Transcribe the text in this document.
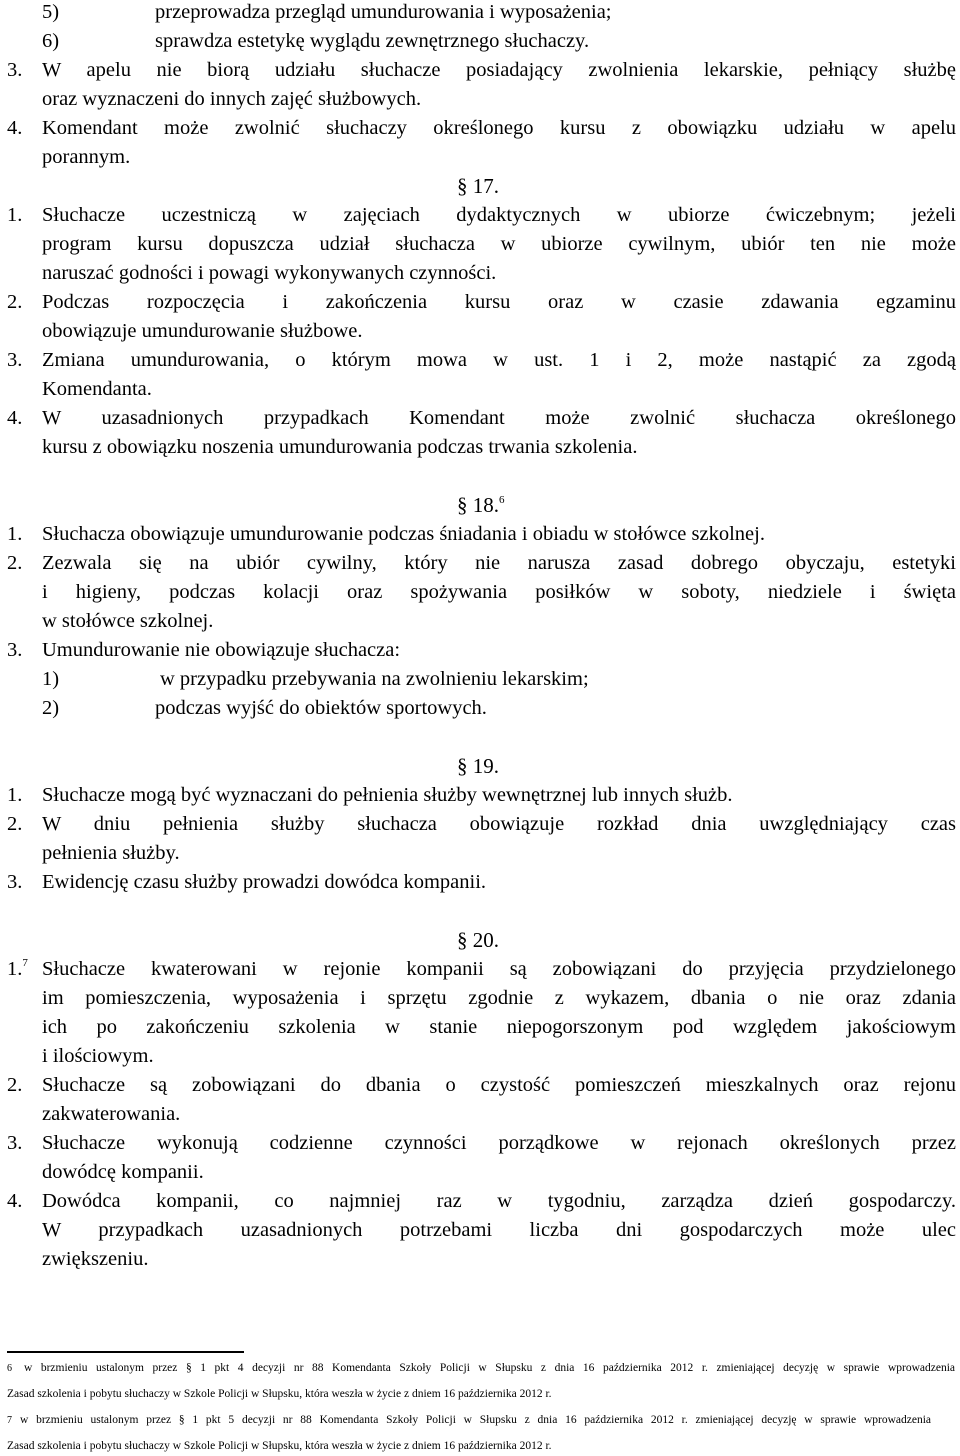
5)	przeprowadza przegląd umundurowania i wyposażenia;
6)	sprawdza estetykę wyglądu zewnętrznego słuchaczy.
3. W apelu nie biorą udziału słuchacze posiadający zwolnienia lekarskie, pełniący służbę
oraz wyznaczeni do innych zajęć służbowych.
4. Komendant może zwolnić słuchaczy określonego kursu z obowiązku udziału w apelu
porannym.
§ 17.
1. Słuchacze uczestniczą w zajęciach dydaktycznych w ubiorze ćwiczebnym; jeżeli
program kursu dopuszcza udział słuchacza w ubiorze cywilnym, ubiór ten nie może
naruszać godności i powagi wykonywanych czynności.
2. Podczas rozpoczęcia i zakończenia kursu oraz w czasie zdawania egzaminu
obowiązuje umundurowanie służbowe.
3. Zmiana umundurowania, o którym mowa w ust. 1 i 2, może nastąpić za zgodą
Komendanta.
4. W uzasadnionych przypadkach Komendant może zwolnić słuchacza określonego
kursu z obowiązku noszenia umundurowania podczas trwania szkolenia.
§ 18.$^6$
1. Słuchacza obowiązuje umundurowanie podczas śniadania i obiadu w stołówce szkolnej.
2. Zezwala się na ubiór cywilny, który nie narusza zasad dobrego obyczaju, estetyki
i higieny, podczas kolacji oraz spożywania posiłków w soboty, niedziele i święta
w stołówce szkolnej.
3. Umundurowanie nie obowiązuje słuchacza:
1)	w przypadku przebywania na zwolnieniu lekarskim;
2)	podczas wyjść do obiektów sportowych.
§ 19.
1. Słuchacze mogą być wyznaczani do pełnienia służby wewnętrznej lub innych służb.
2. W dniu pełnienia służby słuchacza obowiązuje rozkład dnia uwzględniający czas
pełnienia służby.
3. Ewidencję czasu służby prowadzi dowódca kompanii.
§ 20.
1.$^7$ Słuchacze kwaterowani w rejonie kompanii są zobowiązani do przyjęcia przydzielonego
im pomieszczenia, wyposażenia i sprzętu zgodnie z wykazem, dbania o nie oraz zdania
ich po zakończeniu szkolenia w stanie niepogorszonym pod względem jakościowym
i ilościowym.
2. Słuchacze są zobowiązani do dbania o czystość pomieszczeń mieszkalnych oraz rejonu
zakwaterowania.
3. Słuchacze wykonują codzienne czynności porządkowe w rejonach określonych przez
dowódcę kompanii.
4. Dowódca kompanii, co najmniej raz w tygodniu, zarządza dzień gospodarczy.
W przypadkach uzasadnionych potrzebami liczba dni gospodarczych może ulec
zwiększeniu.
6 w brzmieniu ustalonym przez § 1 pkt 4 decyzji nr 88 Komendanta Szkoły Policji w Słupsku z dnia 16 października 2012 r. zmieniającej decyzję w sprawie wprowadzenia
Zasad szkolenia i pobytu słuchaczy w Szkole Policji w Słupsku, która weszła w życie z dniem 16 października 2012 r.
7 w brzmieniu ustalonym przez § 1 pkt 5 decyzji nr 88 Komendanta Szkoły Policji w Słupsku z dnia 16 października 2012 r. zmieniającej decyzję w sprawie wprowadzenia
Zasad szkolenia i pobytu słuchaczy w Szkole Policji w Słupsku, która weszła w życie z dniem 16 października 2012 r.
